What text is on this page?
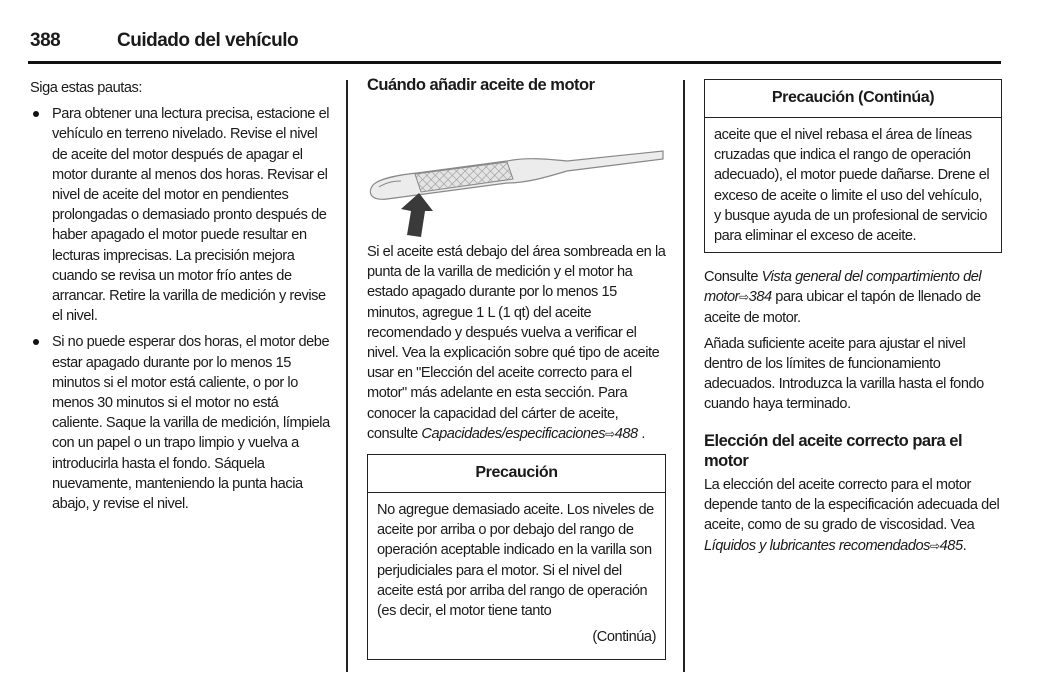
388	Cuidado del vehículo

Siga estas pautas:

Para obtener una lectura precisa, estacione el vehículo en terreno nivelado. Revise el nivel de aceite del motor después de apagar el motor durante al menos dos horas. Revisar el nivel de aceite del motor en pendientes prolongadas o demasiado pronto después de haber apagado el motor puede resultar en lecturas imprecisas. La precisión mejora cuando se revisa un motor frío antes de arrancar. Retire la varilla de medición y revise el nivel.
Si no puede esperar dos horas, el motor debe estar apagado durante por lo menos 15 minutos si el motor está caliente, o por lo menos 30 minutos si el motor no está caliente. Saque la varilla de medición, límpiela con un papel o un trapo limpio y vuelva a introducirla hasta el fondo. Sáquela nuevamente, manteniendo la punta hacia abajo, y revise el nivel.
Cuándo añadir aceite de motor
Si el aceite está debajo del área sombreada en la punta de la varilla de medición y el motor ha estado apagado durante por lo menos 15 minutos, agregue 1 L (1 qt) del aceite recomendado y después vuelva a verificar el nivel. Vea la explicación sobre qué tipo de aceite usar en "Elección del aceite correcto para el motor" más adelante en esta sección. Para conocer la capacidad del cárter de aceite, consulte Capacidades/especificaciones⇨488 .
Precaución
No agregue demasiado aceite. Los niveles de aceite por arriba o por debajo del rango de operación aceptable indicado en la varilla son perjudiciales para el motor. Si el nivel del aceite está por arriba del rango de operación (es decir, el motor tiene tanto
(Continúa)
Precaución (Continúa)
aceite que el nivel rebasa el área de líneas cruzadas que indica el rango de operación adecuado), el motor puede dañarse. Drene el exceso de aceite o limite el uso del vehículo, y busque ayuda de un profesional de servicio para eliminar el exceso de aceite.

Consulte Vista general del compartimiento del motor⇨384 para ubicar el tapón de llenado de aceite de motor.

Añada suficiente aceite para ajustar el nivel dentro de los límites de funcionamiento adecuados. Introduzca la varilla hasta el fondo cuando haya terminado.

Elección del aceite correcto para el motor

La elección del aceite correcto para el motor depende tanto de la especificación adecuada del aceite, como de su grado de viscosidad. Vea Líquidos y lubricantes recomendados⇨485.
